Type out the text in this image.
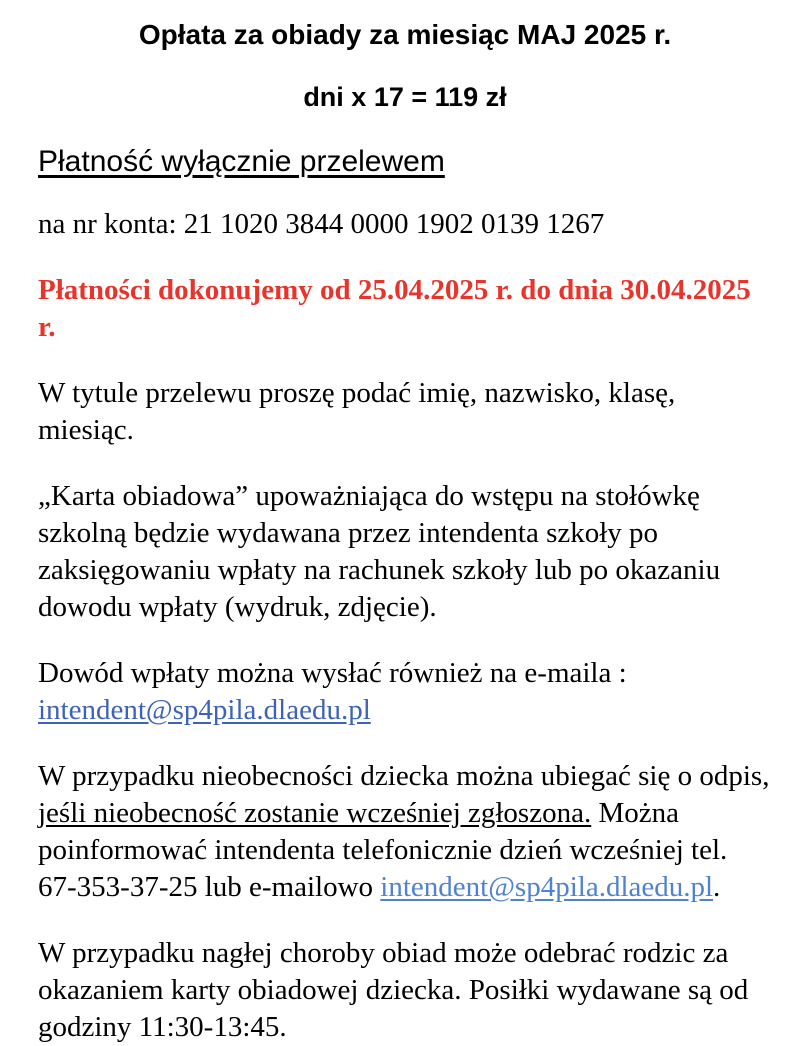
Opłata za obiady za miesiąc MAJ 2025 r.
dni x 17 = 119 zł

Płatność wyłącznie przelewem

na nr konta: 21 1020 3844 0000 1902 0139 1267

Płatności dokonujemy od 25.04.2025 r. do dnia 30.04.2025 r.

W tytule przelewu proszę podać imię, nazwisko, klasę, miesiąc.

„Karta obiadowa” upoważniająca do wstępu na stołówkę szkolną będzie wydawana przez intendenta szkoły po zaksięgowaniu wpłaty na rachunek szkoły lub po okazaniu dowodu wpłaty (wydruk, zdjęcie).

Dowód wpłaty można wysłać również na e-maila :
intendent@sp4pila.dlaedu.pl

W przypadku nieobecności dziecka można ubiegać się o odpis, jeśli nieobecność zostanie wcześniej zgłoszona. Można poinformować intendenta telefonicznie dzień wcześniej tel. 67-353-37-25 lub e-mailowo intendent@sp4pila.dlaedu.pl.

W przypadku nagłej choroby obiad może odebrać rodzic za okazaniem karty obiadowej dziecka. Posiłki wydawane są od godziny 11:30-13:45.
